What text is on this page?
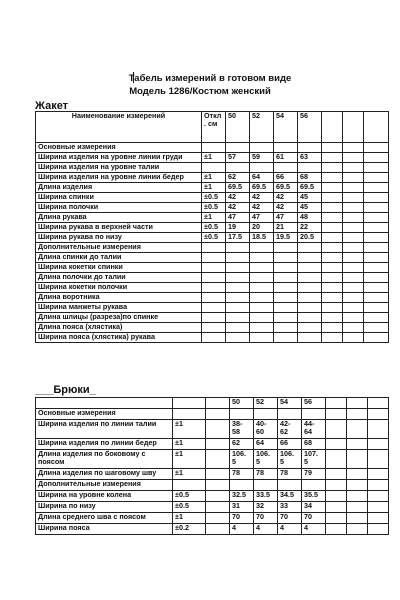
Табель измерений в готовом виде
Модель 1286/Костюм женский
Жакет
Наименование измерений	Откл . см	50	52	54	56			
Основные измерения								
Ширина изделия на уровне линии груди	±1	57	59	61	63			
Ширина изделия на уровне талии								
Ширина изделия на уровне линии бедер	±1	62	64	66	68			
Длина изделия	±1	69.5	69.5	69.5	69.5			
Ширина спинки	±0.5	42	42	42	45			
Ширина полочки	±0.5	42	42	42	45			
Длина рукава	±1	47	47	47	48			
Ширина рукава в верхней части	±0.5	19	20	21	22			
Ширина рукава по низу	±0.5	17.5	18.5	19.5	20.5			
Дополнительные измерения								
Длина спинки до талии								
Ширина кокетки спинки								
Длина полочки до талии								
Ширина кокетки полочки								
Длина воротника								
Ширина манжеты рукава								
Длина шлицы (разреза)по спинке								
Длина пояса (хлястика)								
Ширина пояса (хлястика) рукава								
___Брюки_
			50	52	54	56			
Основные измерения									
Ширина изделия по линии талии	±1		38- 58	40- 60	42- 62	44- 64			
Ширина изделия по линии бедер	±1		62	64	66	68			
Длина изделия по боковому с поясом	±1		106. 5	106. 5	106. 5	107. 5			
Длина изделия по шаговому шву	±1		78	78	78	79			
Дополнительные измерения									
Ширина на уровне колена	±0.5		32.5	33.5	34.5	35.5			
Ширина по низу	±0.5		31	32	33	34			
Длина среднего шва с поясом	±1		70	70	70	70			
Ширина пояса	±0.2		4	4	4	4			
